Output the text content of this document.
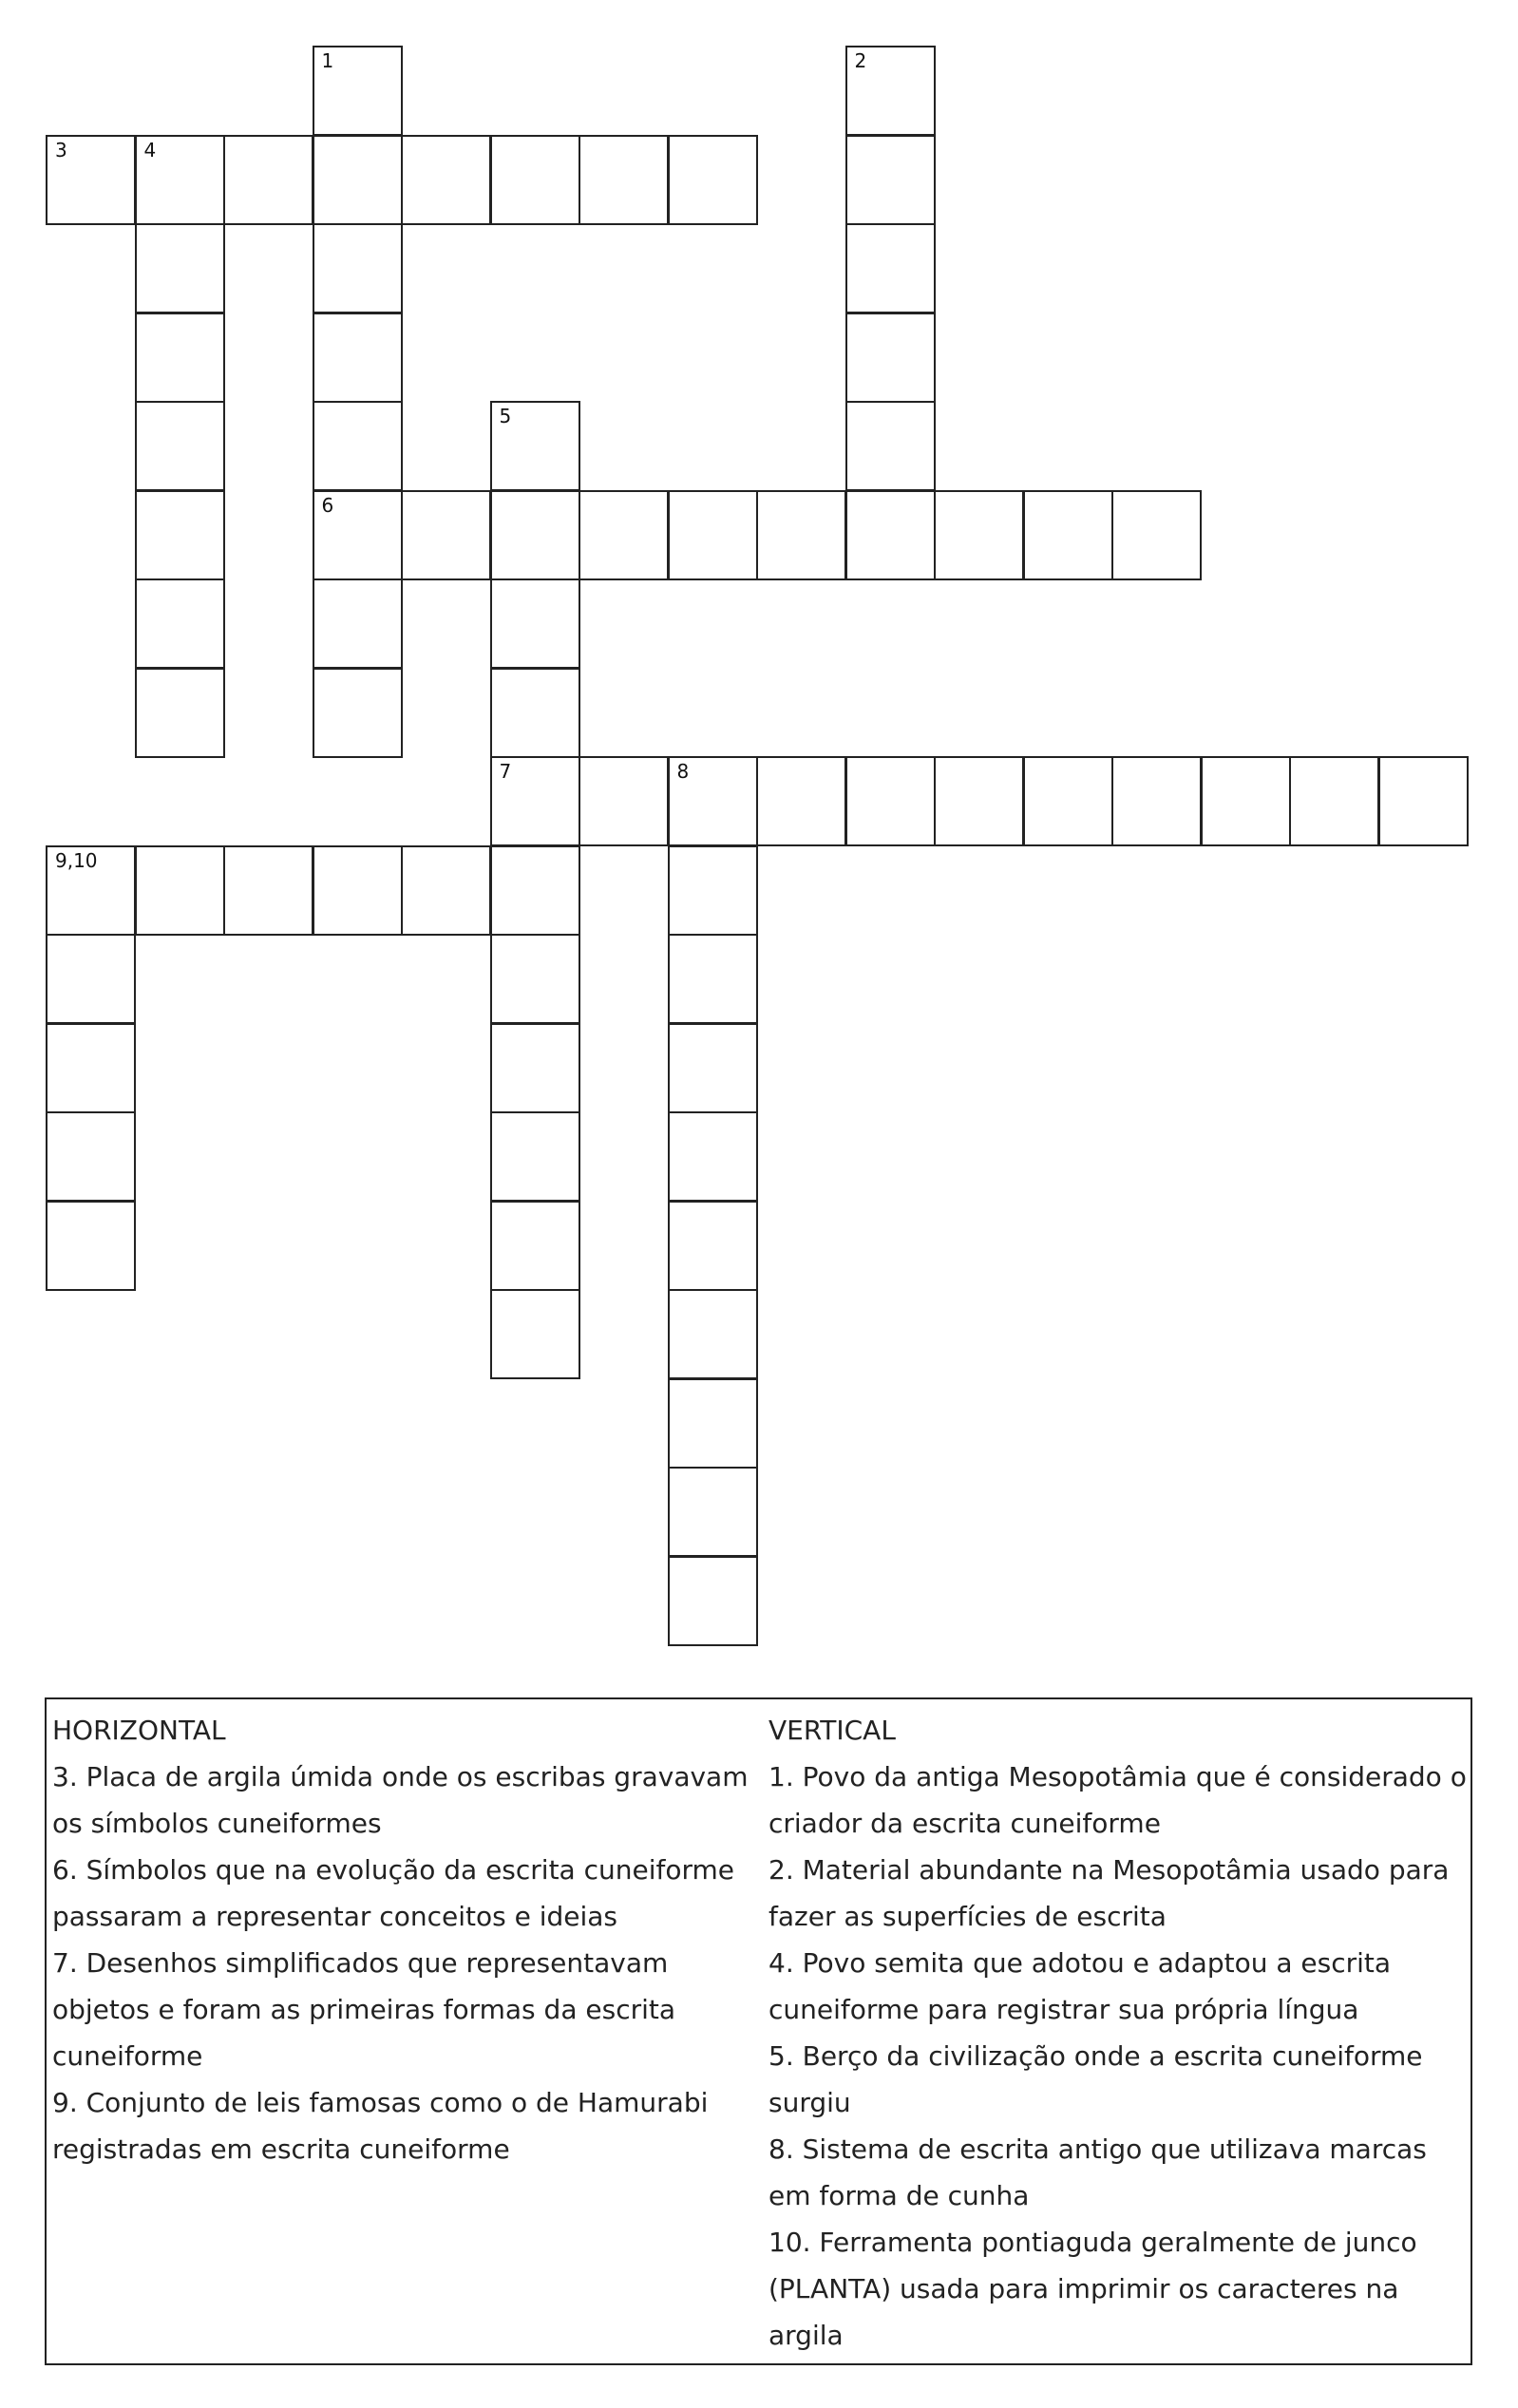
1
6
2
3	4
5
7	8
9,10
HORIZONTAL

3. Placa de argila úmida onde os escribas gravavam os símbolos cuneiformes

6. Símbolos que na evolução da escrita cuneiforme passaram a representar conceitos e ideias

7. Desenhos simplificados que representavam objetos e foram as primeiras formas da escrita cuneiforme

9. Conjunto de leis famosas como o de Hamurabi registradas em escrita cuneiforme

VERTICAL

1. Povo da antiga Mesopotâmia que é considerado o criador da escrita cuneiforme

2. Material abundante na Mesopotâmia usado para fazer as superfícies de escrita

4. Povo semita que adotou e adaptou a escrita cuneiforme para registrar sua própria língua

5. Berço da civilização onde a escrita cuneiforme surgiu

8. Sistema de escrita antigo que utilizava marcas em forma de cunha

10. Ferramenta pontiaguda geralmente de junco (PLANTA) usada para imprimir os caracteres na argila
